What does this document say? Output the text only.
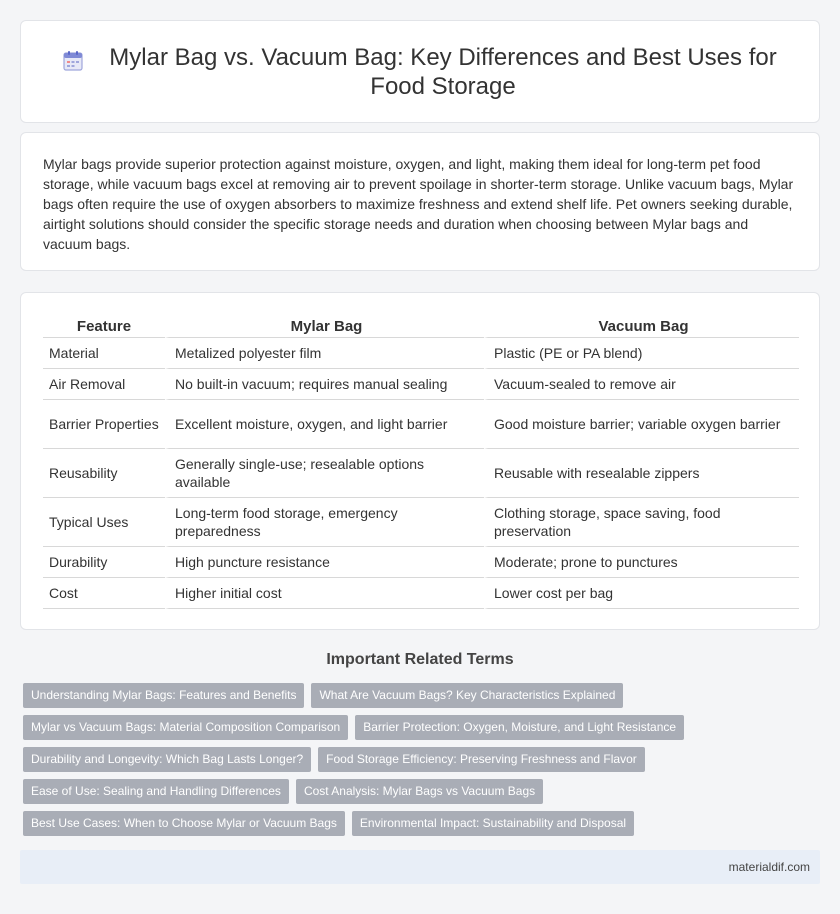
Mylar Bag vs. Vacuum Bag: Key Differences and Best Uses for Food Storage

Mylar bags provide superior protection against moisture, oxygen, and light, making them ideal for long-term pet food storage, while vacuum bags excel at removing air to prevent spoilage in shorter-term storage. Unlike vacuum bags, Mylar bags often require the use of oxygen absorbers to maximize freshness and extend shelf life. Pet owners seeking durable, airtight solutions should consider the specific storage needs and duration when choosing between Mylar bags and vacuum bags.

Feature	Mylar Bag	Vacuum Bag
Material	Metalized polyester film	Plastic (PE or PA blend)
Air Removal	No built-in vacuum; requires manual sealing	Vacuum-sealed to remove air
Barrier Properties	Excellent moisture, oxygen, and light barrier	Good moisture barrier; variable oxygen barrier
Reusability	Generally single-use; resealable options available	Reusable with resealable zippers
Typical Uses	Long-term food storage, emergency preparedness	Clothing storage, space saving, food preservation
Durability	High puncture resistance	Moderate; prone to punctures
Cost	Higher initial cost	Lower cost per bag
Important Related Terms
Understanding Mylar Bags: Features and Benefits	What Are Vacuum Bags? Key Characteristics Explained
Mylar vs Vacuum Bags: Material Composition Comparison	Barrier Protection: Oxygen, Moisture, and Light Resistance
Durability and Longevity: Which Bag Lasts Longer?	Food Storage Efficiency: Preserving Freshness and Flavor
Ease of Use: Sealing and Handling Differences	Cost Analysis: Mylar Bags vs Vacuum Bags
Best Use Cases: When to Choose Mylar or Vacuum Bags	Environmental Impact: Sustainability and Disposal
materialdif.com
